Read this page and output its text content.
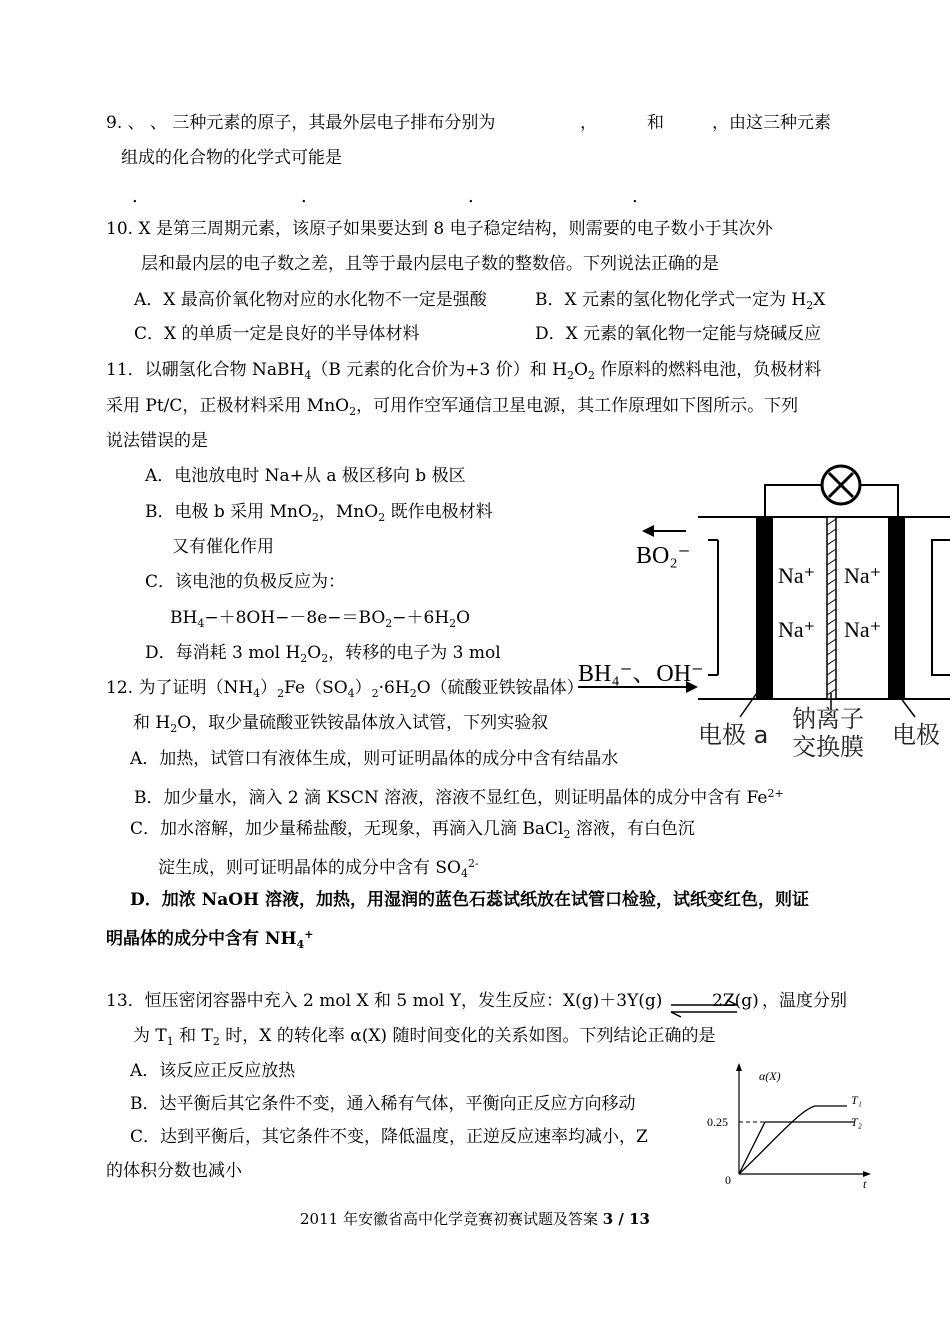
9. 、 、 三种元素的原子，其最外层电子排布分别为	，	和	，由这三种元素
组成的化合物的化学式可能是
.	.	.	.
10. X 是第三周期元素，该原子如果要达到 8 电子稳定结构，则需要的电子数小于其次外
层和最内层的电子数之差，且等于最内层电子数的整数倍。下列说法正确的是
A．X 最高价氧化物对应的水化物不一定是强酸	B．X 元素的氢化物化学式一定为 $H_2X$
C．X 的单质一定是良好的半导体材料	D．X 元素的氧化物一定能与烧碱反应
11．以硼氢化合物 NaBH$_4$（B 元素的化合价为+3 价）和 $H_2O_2$ 作原料的燃料电池，负极材料
采用 Pt/C，正极材料采用 MnO$_2$，可用作空军通信卫星电源，其工作原理如下图所示。下列
说法错误的是
A．电池放电时 Na+从 a 极区移向 b 极区
B．电极 b 采用 MnO$_2$，MnO$_2$ 既作电极材料
又有催化作用
C．该电池的负极反应为：
$BH_4-+8OH--8e-=BO_2-+6H_2O$
D．每消耗 3 mol $H_2O_2$，转移的电子为 3 mol
BO₂⁻
BH₄⁻、OH⁻
Na⁺ Na⁺
Na⁺ Na⁺
电极 a
钠离子
交换膜 电极
12. 为了证明$(NH_4)_2Fe(SO_4)_2\cdot 6H_2O$（硫酸亚铁铵晶体）
和 $H_2O$，取少量硫酸亚铁铵晶体放入试管，下列实验叙
A．加热，试管口有液体生成，则可证明晶体的成分中含有结晶水
B．加少量水，滴入 2 滴 KSCN 溶液，溶液不显红色，则证明晶体的成分中含有 $Fe^{2+}$
C．加水溶解，加少量稀盐酸，无现象，再滴入几滴 BaCl$_2$ 溶液，有白色沉
淀生成，则可证明晶体的成分中含有 $SO_4^{2-}$
D．加浓 NaOH 溶液，加热，用湿润的蓝色石蕊试纸放在试管口检验，试纸变红色，则证
明晶体的成分中含有 $NH_4^+$
13．恒压密闭容器中充入 2 mol X 和 5 mol Y，发生反应：X(g)＋3Y(g)	2Z(g) ，温度分别
为 $T_1$ 和 $T_2$ 时，X 的转化率 α(X) 随时间变化的关系如图。下列结论正确的是
A．该反应正反应放热
B．达平衡后其它条件不变，通入稀有气体，平衡向正反应方向移动
C．达到平衡后，其它条件不变，降低温度，正逆反应速率均减小，Z
的体积分数也减小
α(X)
t
0
0.25
T₁
T₂
2011 年安徽省高中化学竞赛初赛试题及答案 3 / 13
